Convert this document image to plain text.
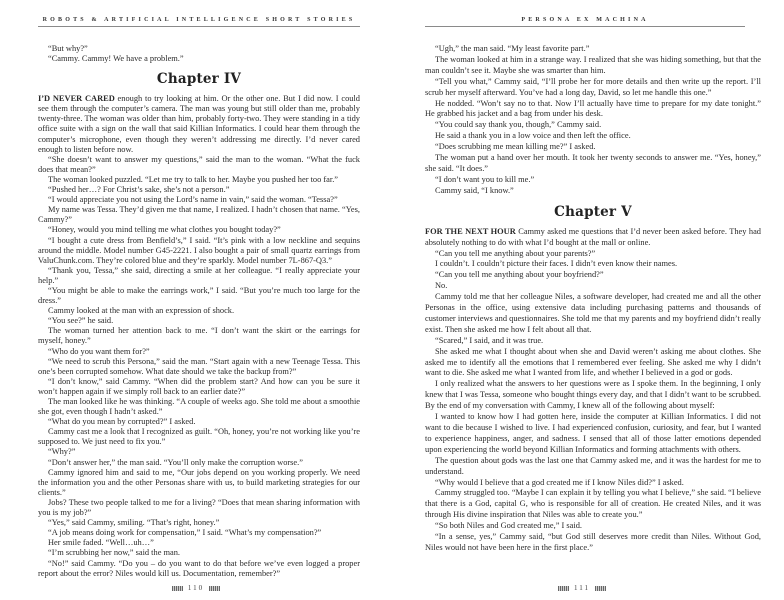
ROBOTS & ARTIFICIAL INTELLIGENCE SHORT STORIES

“But why?”

“Cammy. Cammy! We have a problem.”

Chapter IV

I’D NEVER CARED enough to try looking at him. Or the other one. But I did now. I could see them through the computer’s camera. The man was young but still older than me, probably twenty-three. The woman was older than him, probably forty-two. They were standing in a tidy office suite with a sign on the wall that said Killian Informatics. I could hear them through the computer’s microphone, even though they weren’t addressing me directly. I’d never cared enough to listen before now.

“She doesn’t want to answer my questions,” said the man to the woman. “What the fuck does that mean?”

The woman looked puzzled. “Let me try to talk to her. Maybe you pushed her too far.”

“Pushed her…? For Christ’s sake, she’s not a person.”

“I would appreciate you not using the Lord’s name in vain,” said the woman. “Tessa?”

My name was Tessa. They’d given me that name, I realized. I hadn’t chosen that name. “Yes, Cammy?”

“Honey, would you mind telling me what clothes you bought today?”

“I bought a cute dress from Benfield’s,” I said. “It’s pink with a low neckline and sequins around the middle. Model number G45-2221. I also bought a pair of small quartz earrings from ValuChunk.com. They’re colored blue and they’re sparkly. Model number 7L-867-Q3.”

“Thank you, Tessa,” she said, directing a smile at her colleague. “I really appreciate your help.”

“You might be able to make the earrings work,” I said. “But you’re much too large for the dress.”

Cammy looked at the man with an expression of shock.

“You see?” he said.

The woman turned her attention back to me. “I don’t want the skirt or the earrings for myself, honey.”

“Who do you want them for?”

“We need to scrub this Persona,” said the man. “Start again with a new Teenage Tessa. This one’s been corrupted somehow. What date should we take the backup from?”

“I don’t know,” said Cammy. “When did the problem start? And how can you be sure it won’t happen again if we simply roll back to an earlier date?”

The man looked like he was thinking. “A couple of weeks ago. She told me about a smoothie she got, even though I hadn’t asked.”

“What do you mean by corrupted?” I asked.

Cammy cast me a look that I recognized as guilt. “Oh, honey, you’re not working like you’re supposed to. We just need to fix you.”

“Why?”

“Don’t answer her,” the man said. “You’ll only make the corruption worse.”

Cammy ignored him and said to me, “Our jobs depend on you working properly. We need the information you and the other Personas share with us, to build marketing strategies for our clients.”

Jobs? These two people talked to me for a living? “Does that mean sharing information with you is my job?”

“Yes,” said Cammy, smiling. “That’s right, honey.”

“A job means doing work for compensation,” I said. “What’s my compensation?”

Her smile faded. “Well…uh…”

“I’m scrubbing her now,” said the man.

“No!” said Cammy. “Do you – do you want to do that before we’ve even logged a proper report about the error? Niles would kill us. Documentation, remember?”

110
PERSONA EX MACHINA

“Ugh,” the man said. “My least favorite part.”

The woman looked at him in a strange way. I realized that she was hiding something, but that the man couldn’t see it. Maybe she was smarter than him.

“Tell you what,” Cammy said, “I’ll probe her for more details and then write up the report. I’ll scrub her myself afterward. You’ve had a long day, David, so let me handle this one.”

He nodded. “Won’t say no to that. Now I’ll actually have time to prepare for my date tonight.” He grabbed his jacket and a bag from under his desk.

“You could say thank you, though,” Cammy said.

He said a thank you in a low voice and then left the office.

“Does scrubbing me mean killing me?” I asked.

The woman put a hand over her mouth. It took her twenty seconds to answer me. “Yes, honey,” she said. “It does.”

“I don’t want you to kill me.”

Cammy said, “I know.”

Chapter V

FOR THE NEXT HOUR Cammy asked me questions that I’d never been asked before. They had absolutely nothing to do with what I’d bought at the mall or online.

“Can you tell me anything about your parents?”

I couldn’t. I couldn’t picture their faces. I didn’t even know their names.

“Can you tell me anything about your boyfriend?”

No.

Cammy told me that her colleague Niles, a software developer, had created me and all the other Personas in the office, using extensive data including purchasing patterns and thousands of customer interviews and questionnaires. She told me that my parents and my boyfriend didn’t really exist. Then she asked me how I felt about all that.

“Scared,” I said, and it was true.

She asked me what I thought about when she and David weren’t asking me about clothes. She asked me to identify all the emotions that I remembered ever feeling. She asked me why I didn’t want to die. She asked me what I wanted from life, and whether I believed in a god or gods.

I only realized what the answers to her questions were as I spoke them. In the beginning, I only knew that I was Tessa, someone who bought things every day, and that I didn’t want to be scrubbed. By the end of my conversation with Cammy, I knew all of the following about myself:

I wanted to know how I had gotten here, inside the computer at Killian Informatics. I did not want to die because I wished to live. I had experienced confusion, curiosity, and fear, but I wanted to experience happiness, anger, and sadness. I sensed that all of those latter emotions depended upon experiencing the world beyond Killian Informatics and forming attachments with others.

The question about gods was the last one that Cammy asked me, and it was the hardest for me to understand.

“Why would I believe that a god created me if I know Niles did?” I asked.

Cammy struggled too. “Maybe I can explain it by telling you what I believe,” she said. “I believe that there is a God, capital G, who is responsible for all of creation. He created Niles, and it was through His divine inspiration that Niles was able to create you.”

“So both Niles and God created me,” I said.

“In a sense, yes,” Cammy said, “but God still deserves more credit than Niles. Without God, Niles would not have been here in the first place.”

111
